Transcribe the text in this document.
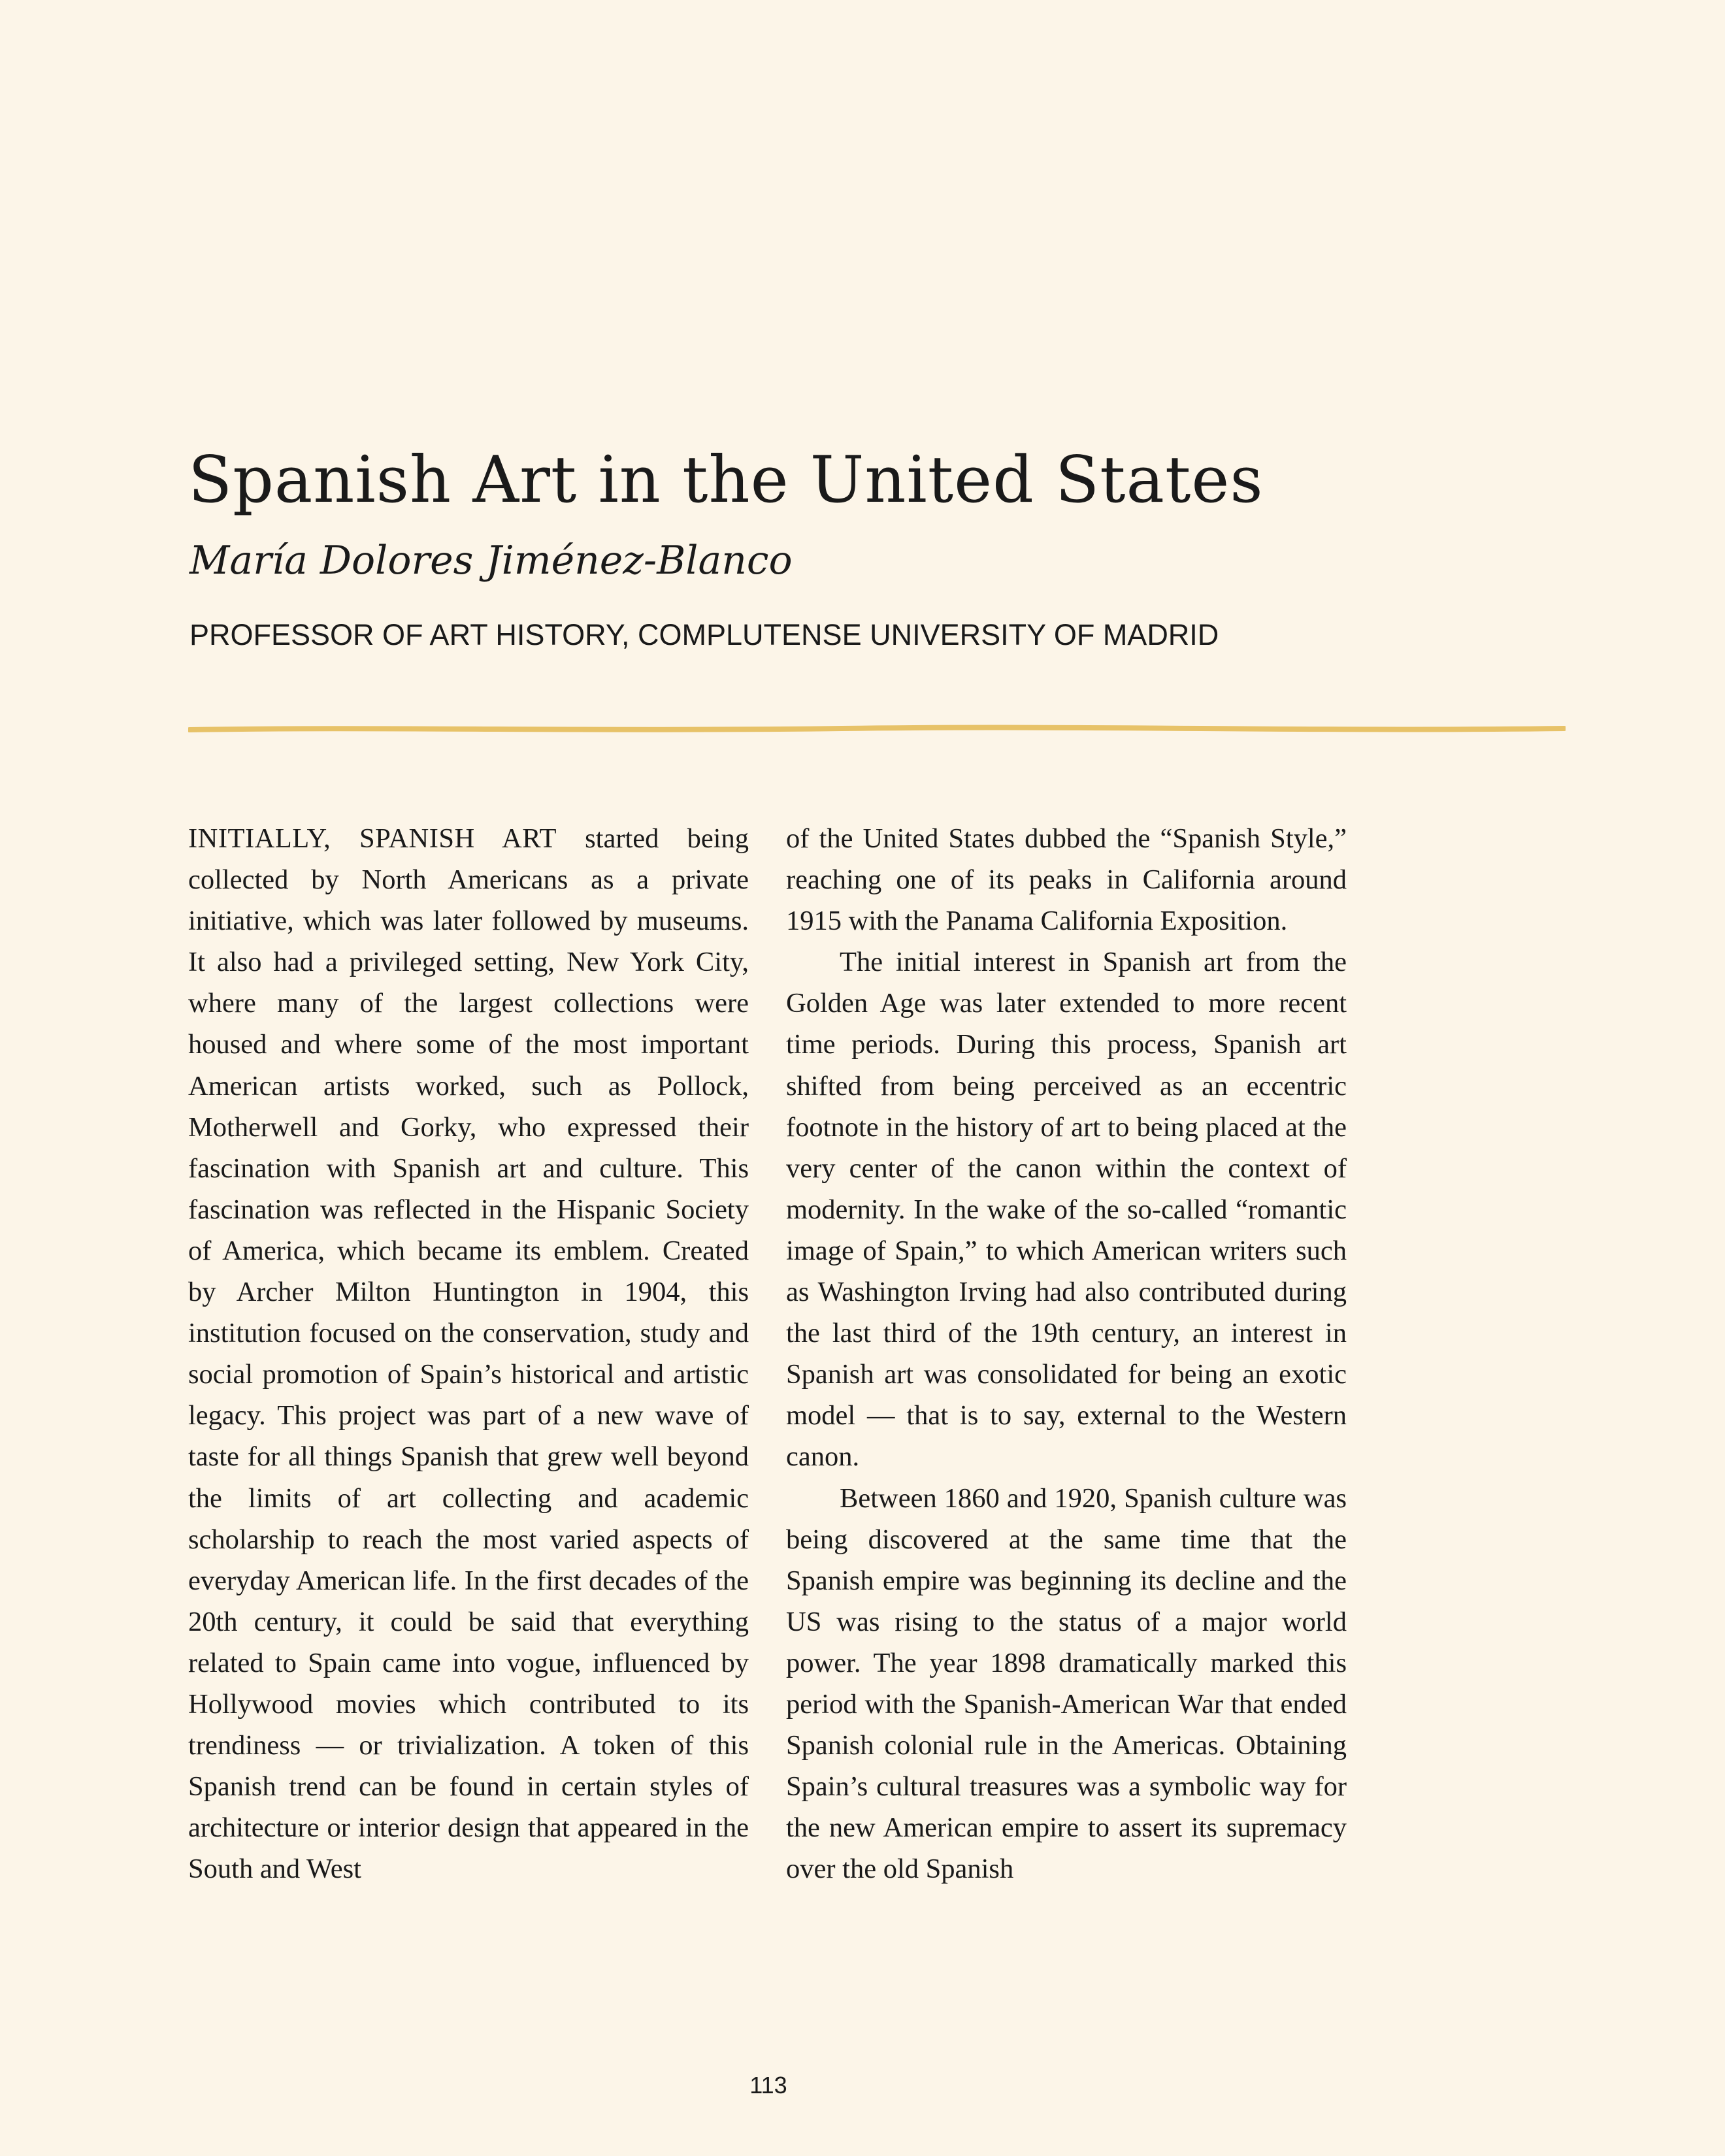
Spanish Art in the United States
María Dolores Jiménez-Blanco
PROFESSOR OF ART HISTORY, COMPLUTENSE UNIVERSITY OF MADRID

INITIALLY, SPANISH ART started being collected by North Americans as a private initiative, which was later followed by museums. It also had a privileged setting, New York City, where many of the largest collections were housed and where some of the most important American artists worked, such as Pollock, Motherwell and Gorky, who expressed their fascination with Spanish art and culture. This fascination was reflected in the Hispanic Society of America, which became its emblem. Created by Archer Milton Huntington in 1904, this institution focused on the conservation, study and social promotion of Spain’s historical and artistic legacy. This project was part of a new wave of taste for all things Spanish that grew well beyond the limits of art collecting and academic scholarship to reach the most varied aspects of everyday American life. In the first decades of the 20th century, it could be said that everything related to Spain came into vogue, influenced by Hollywood movies which contributed to its trendiness — or trivialization. A token of this Spanish trend can be found in certain styles of architecture or interior design that appeared in the South and West

of the United States dubbed the “Spanish Style,” reaching one of its peaks in California around 1915 with the Panama California Exposition.

The initial interest in Spanish art from the Golden Age was later extended to more recent time periods. During this process, Spanish art shifted from being perceived as an eccentric footnote in the history of art to being placed at the very center of the canon within the context of modernity. In the wake of the so-called “romantic image of Spain,” to which American writers such as Washington Irving had also contributed during the last third of the 19th century, an interest in Spanish art was consolidated for being an exotic model — that is to say, external to the Western canon.

Between 1860 and 1920, Spanish culture was being discovered at the same time that the Spanish empire was beginning its decline and the US was rising to the status of a major world power. The year 1898 dramatically marked this period with the Spanish-American War that ended Spanish colonial rule in the Americas. Obtaining Spain’s cultural treasures was a symbolic way for the new American empire to assert its supremacy over the old Spanish

113
